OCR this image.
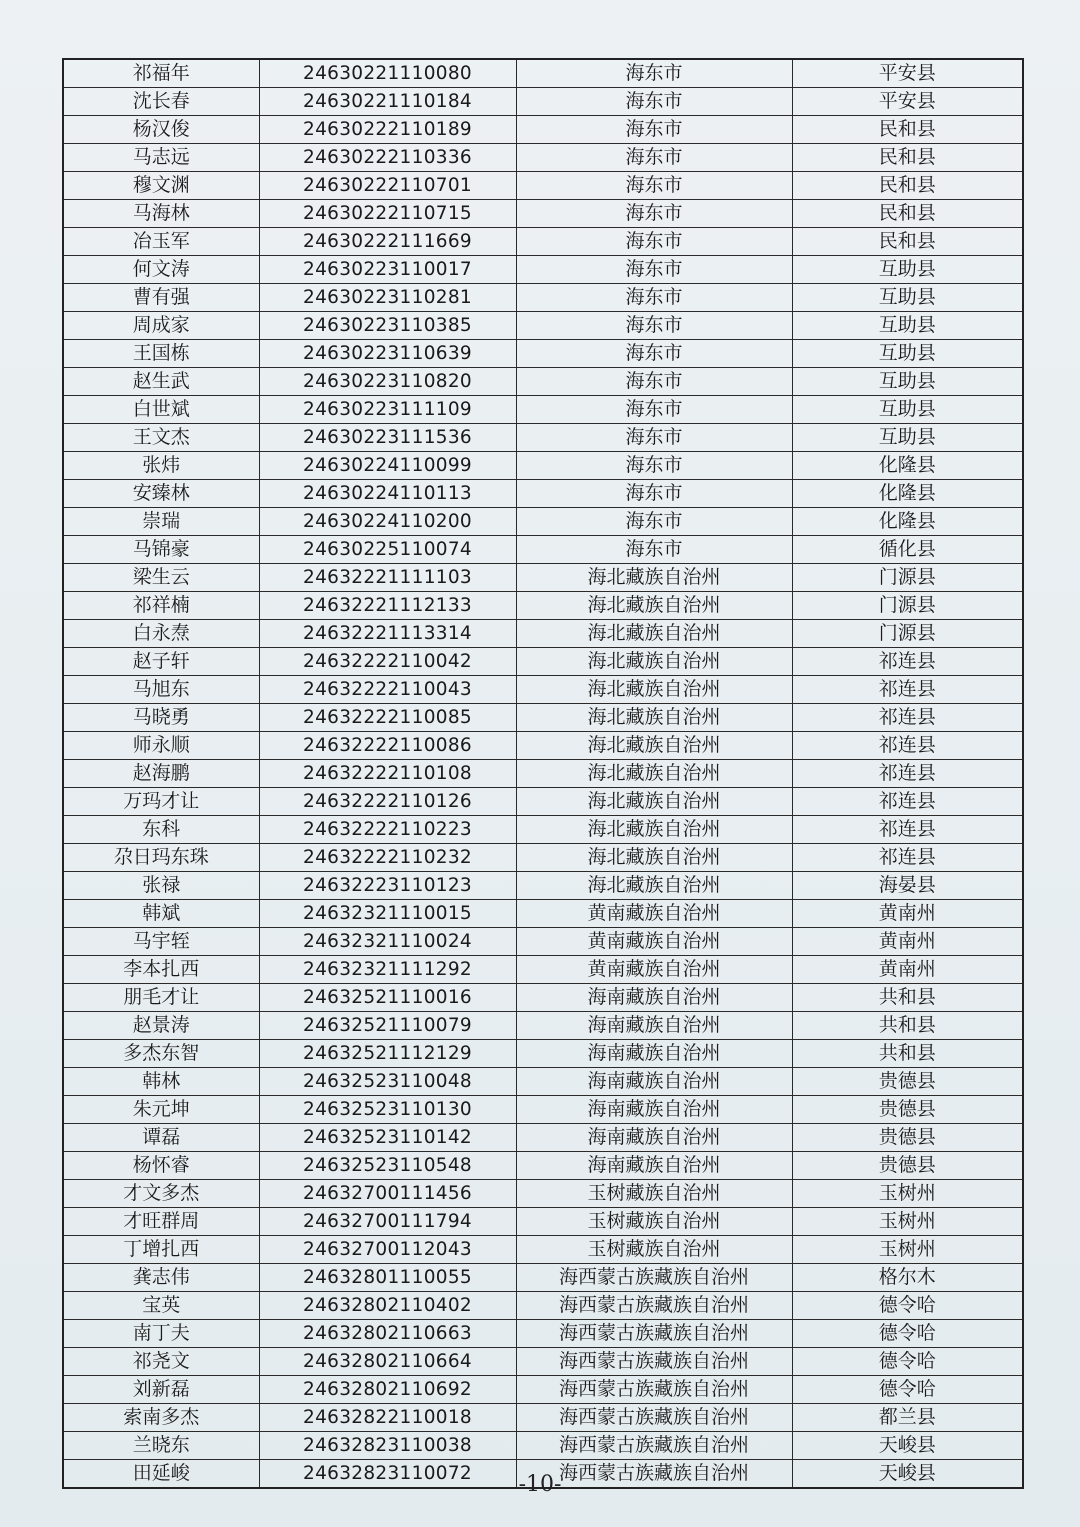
祁福年	24630221110080	海东市	平安县
沈长春	24630221110184	海东市	平安县
杨汉俊	24630222110189	海东市	民和县
马志远	24630222110336	海东市	民和县
穆文渊	24630222110701	海东市	民和县
马海林	24630222110715	海东市	民和县
冶玉军	24630222111669	海东市	民和县
何文涛	24630223110017	海东市	互助县
曹有强	24630223110281	海东市	互助县
周成家	24630223110385	海东市	互助县
王国栋	24630223110639	海东市	互助县
赵生武	24630223110820	海东市	互助县
白世斌	24630223111109	海东市	互助县
王文杰	24630223111536	海东市	互助县
张炜	24630224110099	海东市	化隆县
安臻林	24630224110113	海东市	化隆县
崇瑞	24630224110200	海东市	化隆县
马锦豪	24630225110074	海东市	循化县
梁生云	24632221111103	海北藏族自治州	门源县
祁祥楠	24632221112133	海北藏族自治州	门源县
白永焘	24632221113314	海北藏族自治州	门源县
赵子轩	24632222110042	海北藏族自治州	祁连县
马旭东	24632222110043	海北藏族自治州	祁连县
马晓勇	24632222110085	海北藏族自治州	祁连县
师永顺	24632222110086	海北藏族自治州	祁连县
赵海鹏	24632222110108	海北藏族自治州	祁连县
万玛才让	24632222110126	海北藏族自治州	祁连县
东科	24632222110223	海北藏族自治州	祁连县
尕日玛东珠	24632222110232	海北藏族自治州	祁连县
张禄	24632223110123	海北藏族自治州	海晏县
韩斌	24632321110015	黄南藏族自治州	黄南州
马宇轾	24632321110024	黄南藏族自治州	黄南州
李本扎西	24632321111292	黄南藏族自治州	黄南州
朋毛才让	24632521110016	海南藏族自治州	共和县
赵景涛	24632521110079	海南藏族自治州	共和县
多杰东智	24632521112129	海南藏族自治州	共和县
韩林	24632523110048	海南藏族自治州	贵德县
朱元坤	24632523110130	海南藏族自治州	贵德县
谭磊	24632523110142	海南藏族自治州	贵德县
杨怀睿	24632523110548	海南藏族自治州	贵德县
才文多杰	24632700111456	玉树藏族自治州	玉树州
才旺群周	24632700111794	玉树藏族自治州	玉树州
丁增扎西	24632700112043	玉树藏族自治州	玉树州
龚志伟	24632801110055	海西蒙古族藏族自治州	格尔木
宝英	24632802110402	海西蒙古族藏族自治州	德令哈
南丁夫	24632802110663	海西蒙古族藏族自治州	德令哈
祁尧文	24632802110664	海西蒙古族藏族自治州	德令哈
刘新磊	24632802110692	海西蒙古族藏族自治州	德令哈
索南多杰	24632822110018	海西蒙古族藏族自治州	都兰县
兰晓东	24632823110038	海西蒙古族藏族自治州	天峻县
田延峻	24632823110072	海西蒙古族藏族自治州	天峻县
-10-
